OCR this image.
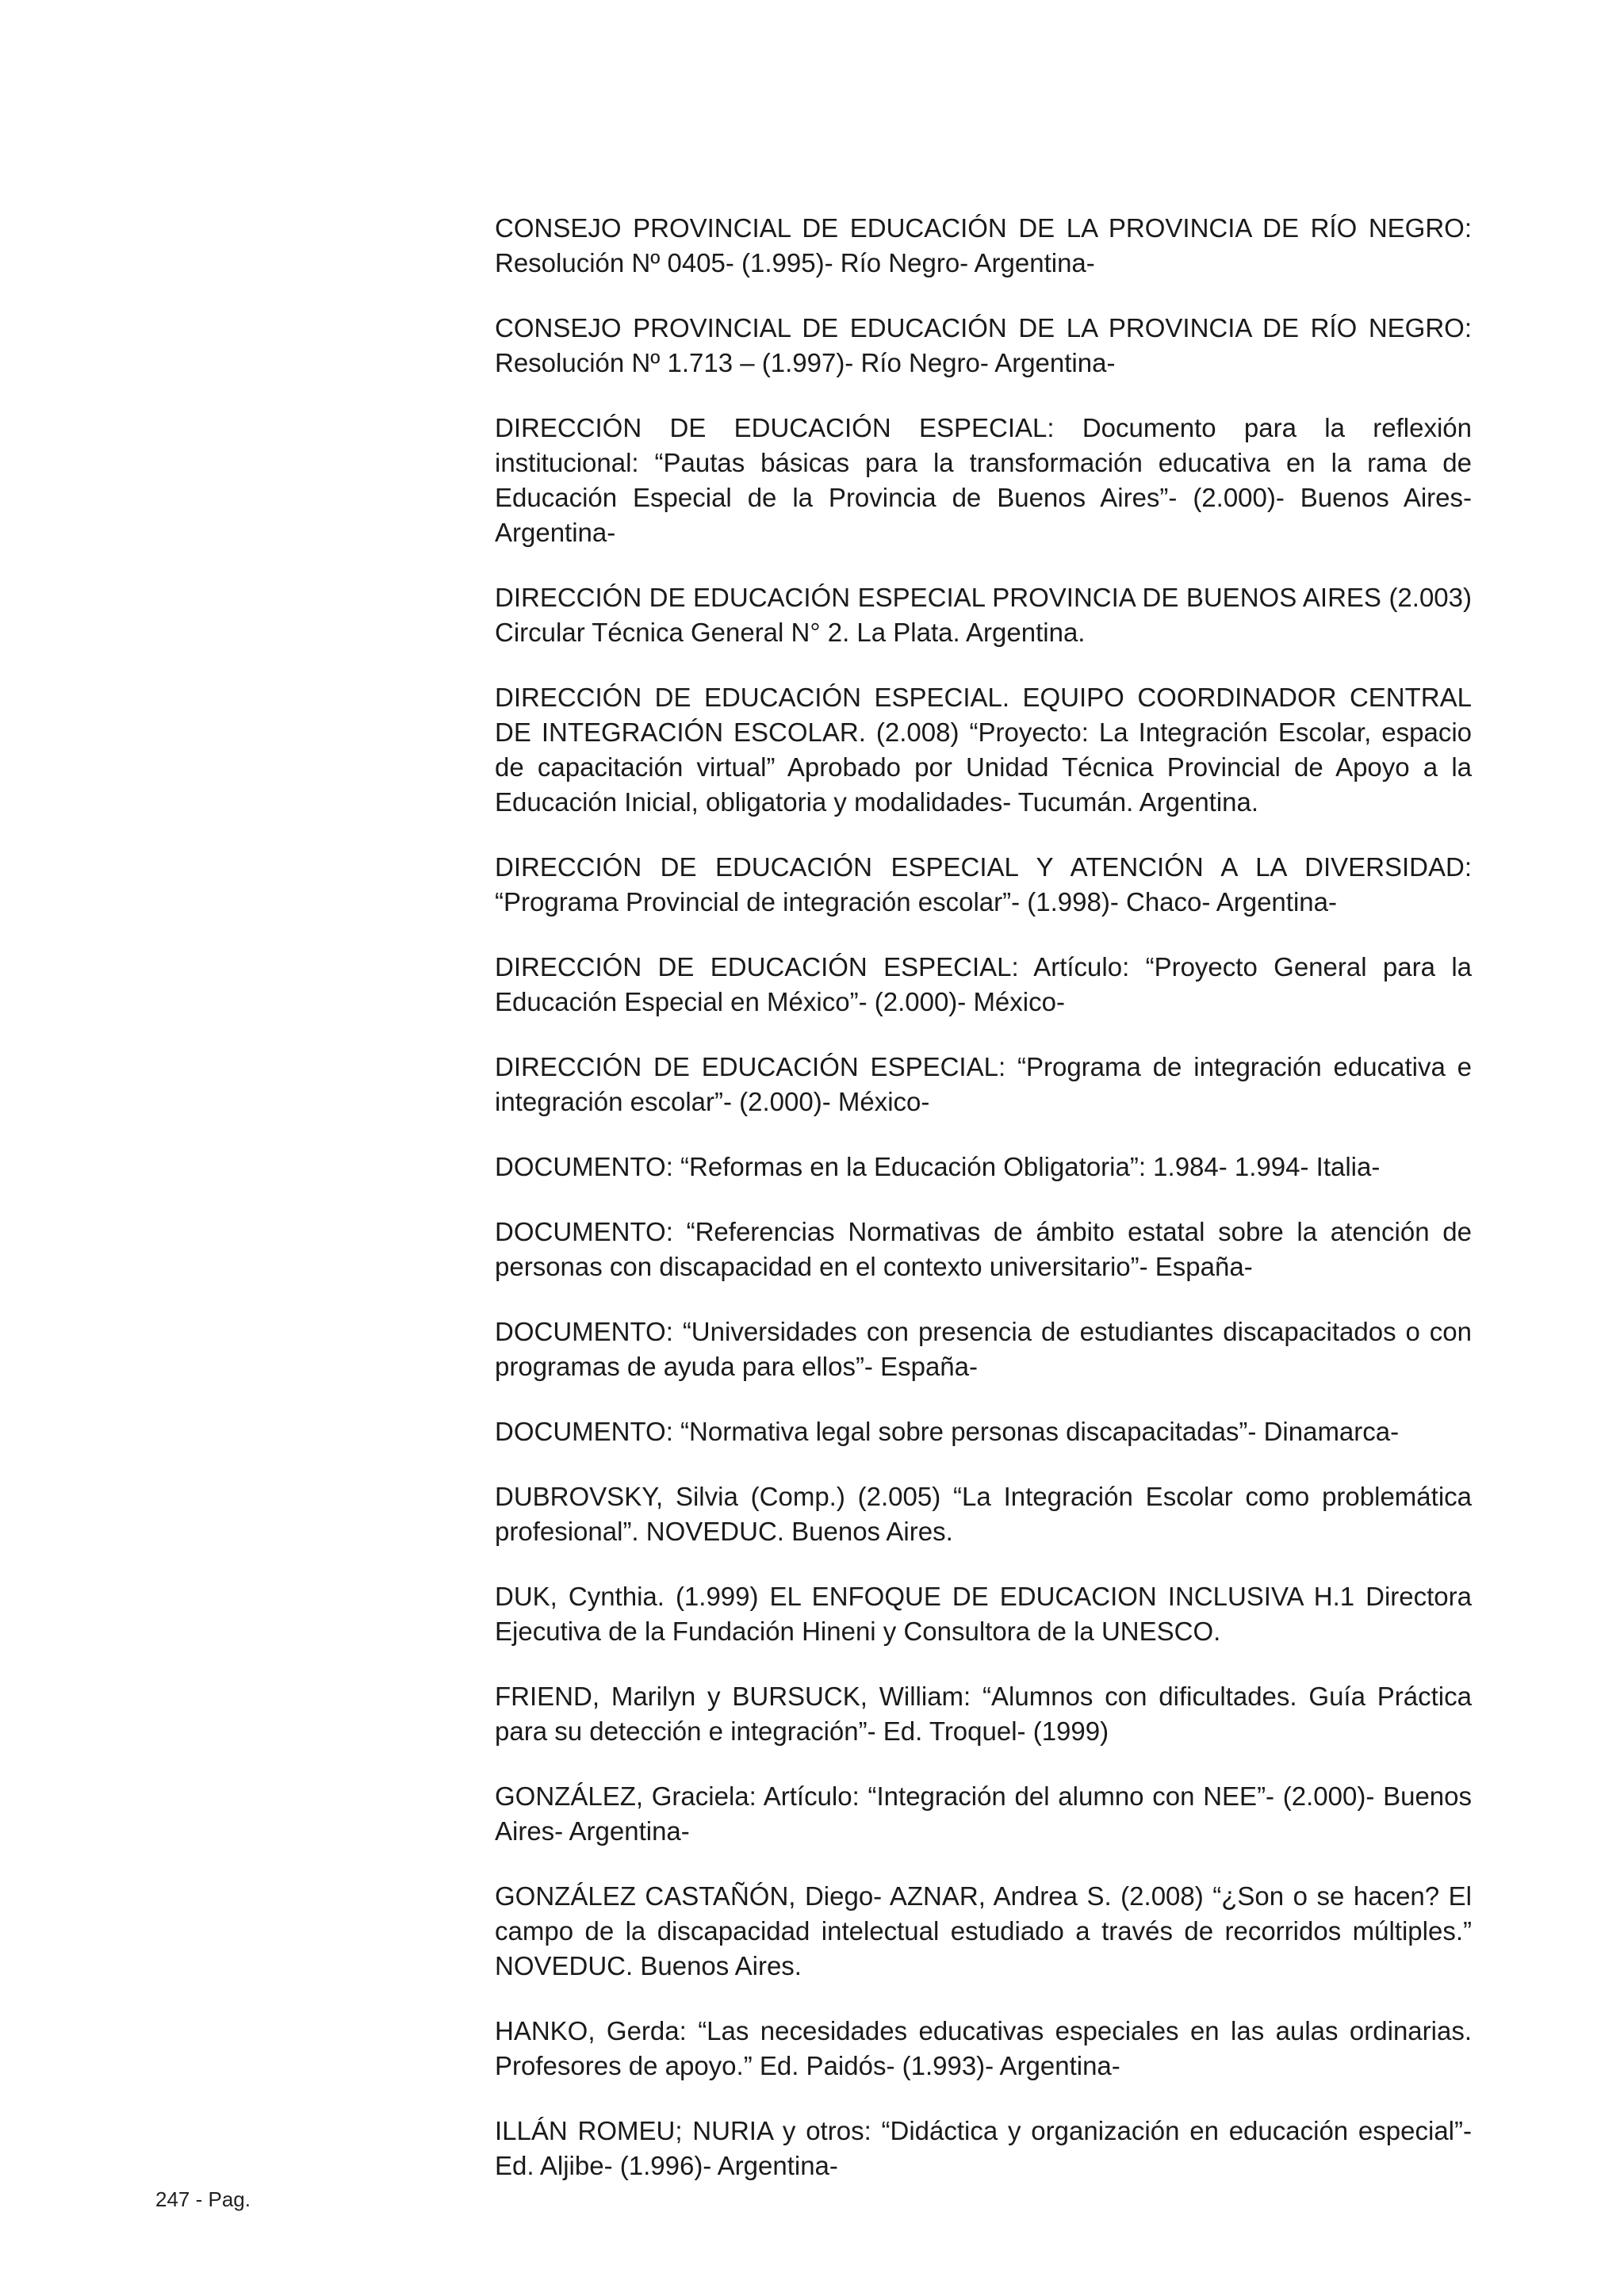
CONSEJO PROVINCIAL DE EDUCACIÓN DE LA PROVINCIA DE RÍO NEGRO: Resolución Nº 0405- (1.995)- Río Negro- Argentina-
CONSEJO PROVINCIAL DE EDUCACIÓN DE LA PROVINCIA DE RÍO NEGRO: Resolución Nº 1.713 – (1.997)- Río Negro- Argentina-
DIRECCIÓN DE EDUCACIÓN ESPECIAL: Documento para la reflexión institucional: “Pautas básicas para la transformación educativa en la rama de Educación Especial de la Provincia de Buenos Aires”- (2.000)- Buenos Aires- Argentina-
DIRECCIÓN DE EDUCACIÓN ESPECIAL PROVINCIA DE BUENOS AIRES (2.003) Circular Técnica General N° 2. La Plata. Argentina.
DIRECCIÓN DE EDUCACIÓN ESPECIAL. EQUIPO COORDINADOR CENTRAL DE INTEGRACIÓN ESCOLAR. (2.008) “Proyecto: La Integración Escolar, espacio de capacitación virtual” Aprobado por Unidad Técnica Provincial de Apoyo a la Educación Inicial, obligatoria y modalidades- Tucumán. Argentina.
DIRECCIÓN DE EDUCACIÓN ESPECIAL Y ATENCIÓN A LA DIVERSIDAD: “Programa Provincial de integración escolar”- (1.998)- Chaco- Argentina-
DIRECCIÓN DE EDUCACIÓN ESPECIAL: Artículo: “Proyecto General para la Educación Especial en México”- (2.000)- México-
DIRECCIÓN DE EDUCACIÓN ESPECIAL: “Programa de integración educativa e integración escolar”- (2.000)- México-
DOCUMENTO: “Reformas en la Educación Obligatoria”: 1.984- 1.994- Italia-
DOCUMENTO: “Referencias Normativas de ámbito estatal sobre la atención de personas con discapacidad en el contexto universitario”- España-
DOCUMENTO: “Universidades con presencia de estudiantes discapacitados o con programas de ayuda para ellos”- España-
DOCUMENTO: “Normativa legal sobre personas discapacitadas”- Dinamarca-
DUBROVSKY, Silvia (Comp.) (2.005) “La Integración Escolar como problemática profesional”. NOVEDUC. Buenos Aires.
DUK, Cynthia. (1.999) EL ENFOQUE DE EDUCACION INCLUSIVA H.1 Directora Ejecutiva de la Fundación Hineni y Consultora de la UNESCO.
FRIEND, Marilyn y BURSUCK, William: “Alumnos con dificultades. Guía Práctica para su detección e integración”- Ed. Troquel- (1999)
GONZÁLEZ, Graciela: Artículo: “Integración del alumno con NEE”- (2.000)- Buenos Aires- Argentina-
GONZÁLEZ CASTAÑÓN, Diego- AZNAR, Andrea S. (2.008) “¿Son o se hacen? El campo de la discapacidad intelectual estudiado a través de recorridos múltiples.” NOVEDUC. Buenos Aires.
HANKO, Gerda: “Las necesidades educativas especiales en las aulas ordinarias. Profesores de apoyo.” Ed. Paidós- (1.993)- Argentina-
ILLÁN ROMEU; NURIA y otros: “Didáctica y organización en educación especial”- Ed. Aljibe- (1.996)- Argentina-
247 - Pag.
